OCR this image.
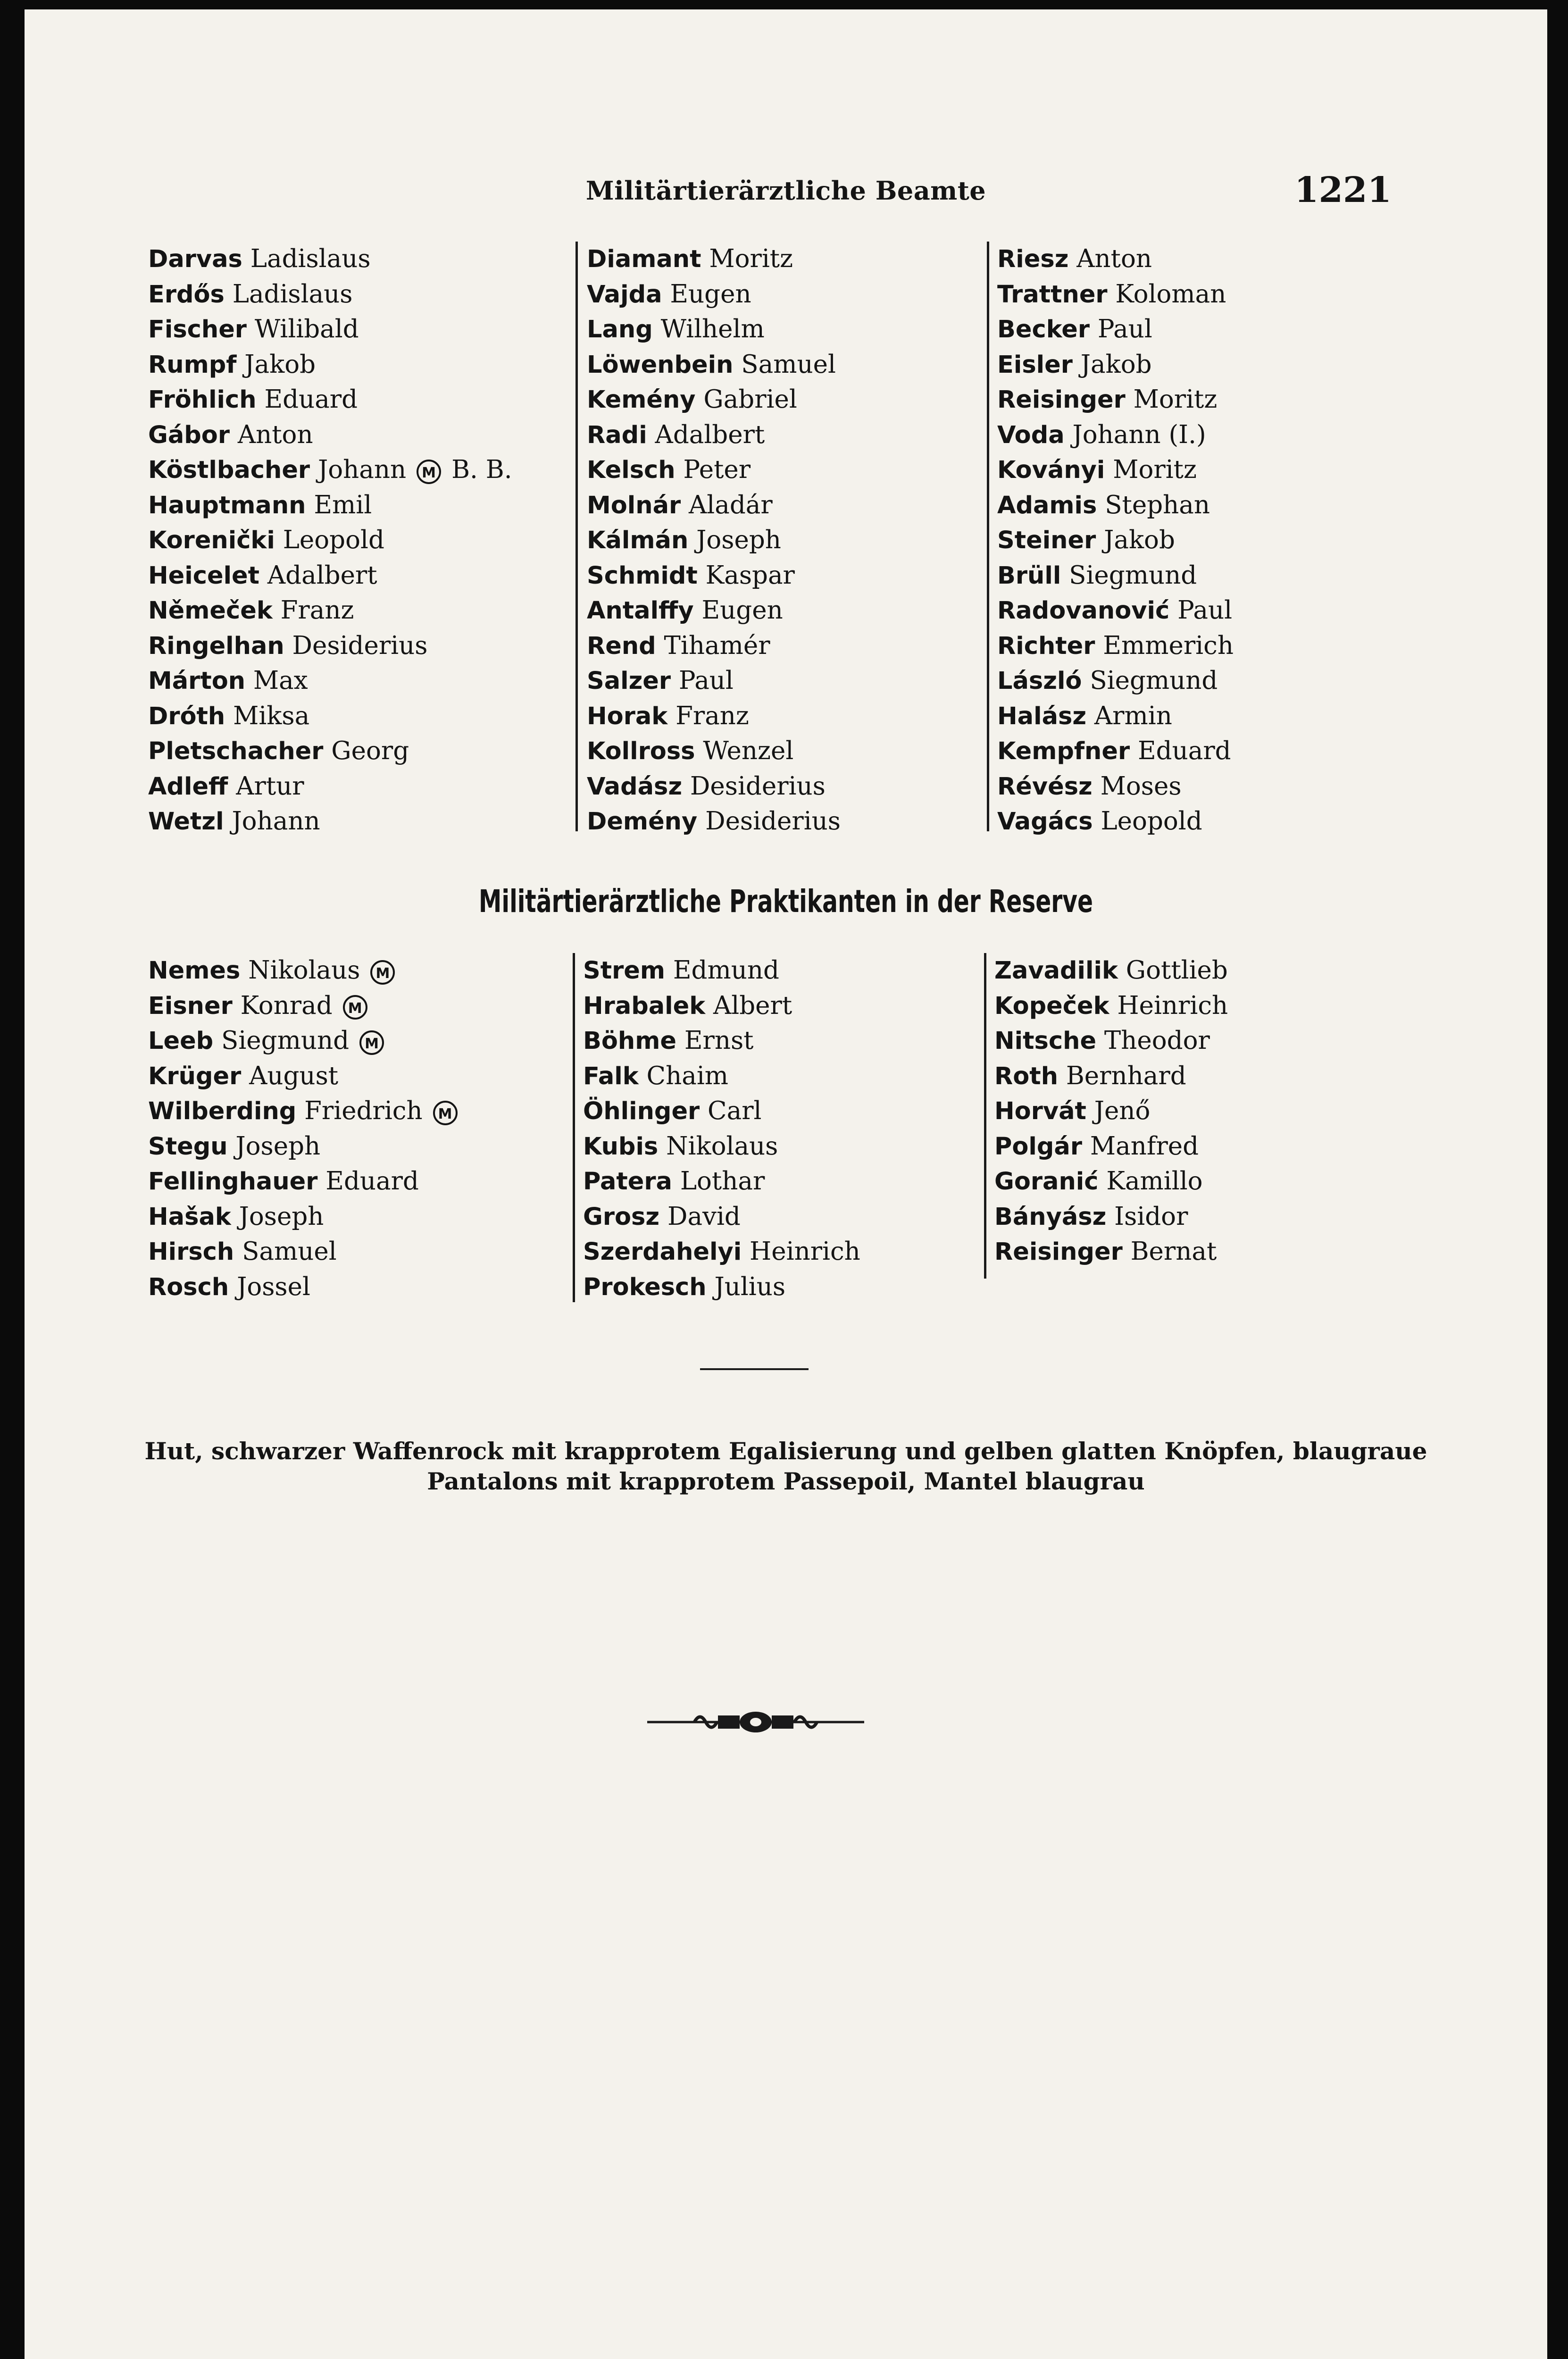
Militärtierärztliche Beamte	1221
Darvas Ladislaus
Erdős Ladislaus
Fischer Wilibald
Rumpf Jakob
Fröhlich Eduard
Gábor Anton
Köstlbacher Johann M B. B.
Hauptmann Emil
Korenički Leopold
Heicelet Adalbert
Němeček Franz
Ringelhan Desiderius
Márton Max
Dróth Miksa
Pletschacher Georg
Adleff Artur
Wetzl Johann
Diamant Moritz
Vajda Eugen
Lang Wilhelm
Löwenbein Samuel
Kemény Gabriel
Radi Adalbert
Kelsch Peter
Molnár Aladár
Kálmán Joseph
Schmidt Kaspar
Antalffy Eugen
Rend Tihamér
Salzer Paul
Horak Franz
Kollross Wenzel
Vadász Desiderius
Demény Desiderius
Riesz Anton
Trattner Koloman
Becker Paul
Eisler Jakob
Reisinger Moritz
Voda Johann (I.)
Koványi Moritz
Adamis Stephan
Steiner Jakob
Brüll Siegmund
Radovanović Paul
Richter Emmerich
László Siegmund
Halász Armin
Kempfner Eduard
Révész Moses
Vagács Leopold
Militärtierärztliche Praktikanten in der Reserve
Nemes Nikolaus M
Eisner Konrad M
Leeb Siegmund M
Krüger August
Wilberding Friedrich M
Stegu Joseph
Fellinghauer Eduard
Hašak Joseph
Hirsch Samuel
Rosch Jossel
Strem Edmund
Hrabalek Albert
Böhme Ernst
Falk Chaim
Öhlinger Carl
Kubis Nikolaus
Patera Lothar
Grosz David
Szerdahelyi Heinrich
Prokesch Julius
Zavadilik Gottlieb
Kopeček Heinrich
Nitsche Theodor
Roth Bernhard
Horvát Jenő
Polgár Manfred
Goranić Kamillo
Bányász Isidor
Reisinger Bernat
Hut, schwarzer Waffenrock mit krapprotem Egalisierung und gelben glatten Knöpfen, blaugraue
Pantalons mit krapprotem Passepoil, Mantel blaugrau
